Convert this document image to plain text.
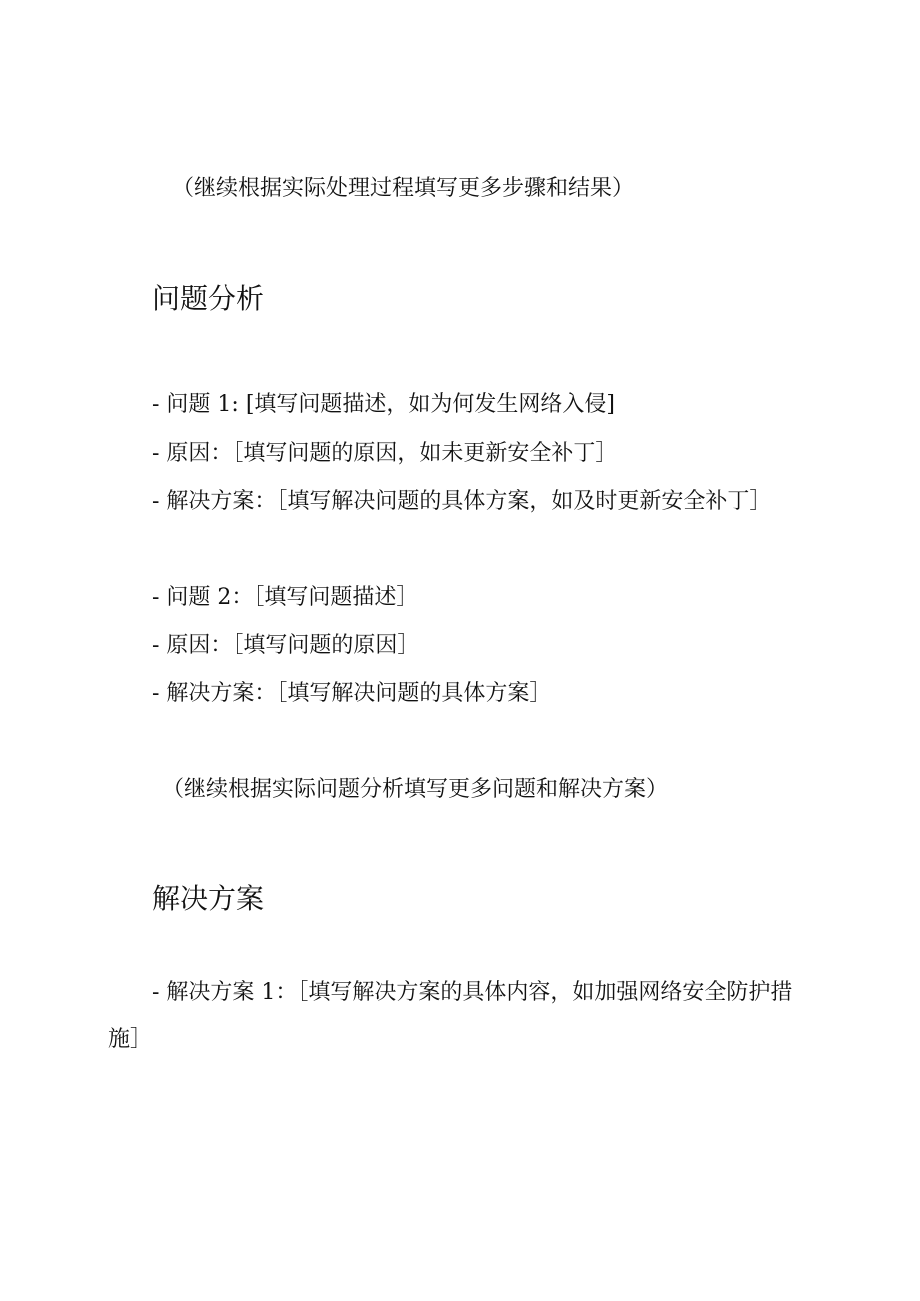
（继续根据实际处理过程填写更多步骤和结果）
问题分析

- 问题 1: [填写问题描述，如为何发生网络入侵]

- 原因：［填写问题的原因，如未更新安全补丁］

- 解决方案：［填写解决问题的具体方案，如及时更新安全补丁］

- 问题 2：［填写问题描述］

- 原因：［填写问题的原因］

- 解决方案：［填写解决问题的具体方案］

（继续根据实际问题分析填写更多问题和解决方案）
解决方案

- 解决方案 1：［填写解决方案的具体内容，如加强网络安全防护措施］
